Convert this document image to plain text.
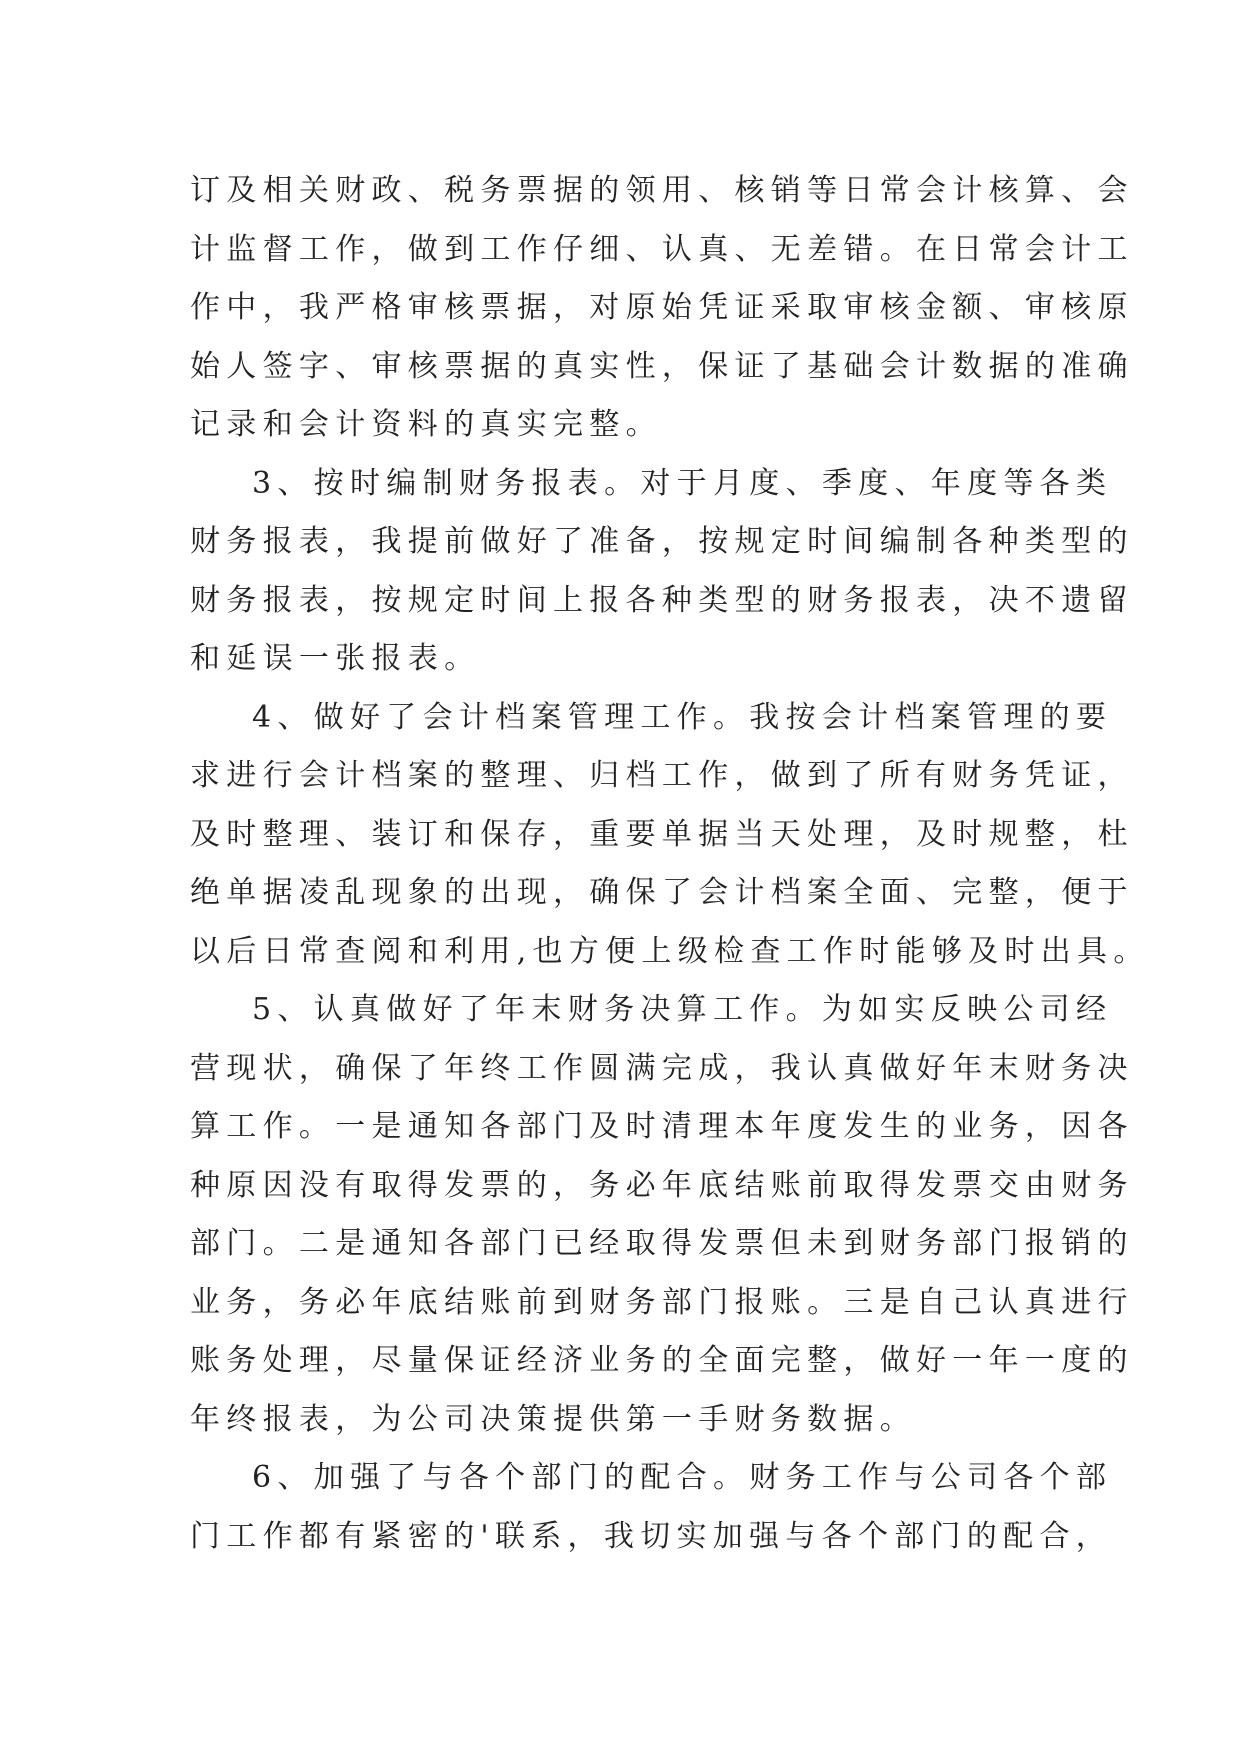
订及相关财政、税务票据的领用、核销等日常会计核算、会
计监督工作，做到工作仔细、认真、无差错。在日常会计工
作中，我严格审核票据，对原始凭证采取审核金额、审核原
始人签字、审核票据的真实性，保证了基础会计数据的准确
记录和会计资料的真实完整。
3、按时编制财务报表。对于月度、季度、年度等各类
财务报表，我提前做好了准备，按规定时间编制各种类型的
财务报表，按规定时间上报各种类型的财务报表，决不遗留
和延误一张报表。
4、做好了会计档案管理工作。我按会计档案管理的要
求进行会计档案的整理、归档工作，做到了所有财务凭证，
及时整理、装订和保存，重要单据当天处理，及时规整，杜
绝单据凌乱现象的出现，确保了会计档案全面、完整，便于
以后日常查阅和利用,也方便上级检查工作时能够及时出具。
5、认真做好了年末财务决算工作。为如实反映公司经
营现状，确保了年终工作圆满完成，我认真做好年末财务决
算工作。一是通知各部门及时清理本年度发生的业务，因各
种原因没有取得发票的，务必年底结账前取得发票交由财务
部门。二是通知各部门已经取得发票但未到财务部门报销的
业务，务必年底结账前到财务部门报账。三是自己认真进行
账务处理，尽量保证经济业务的全面完整，做好一年一度的
年终报表，为公司决策提供第一手财务数据。
6、加强了与各个部门的配合。财务工作与公司各个部
门工作都有紧密的'联系，我切实加强与各个部门的配合，
